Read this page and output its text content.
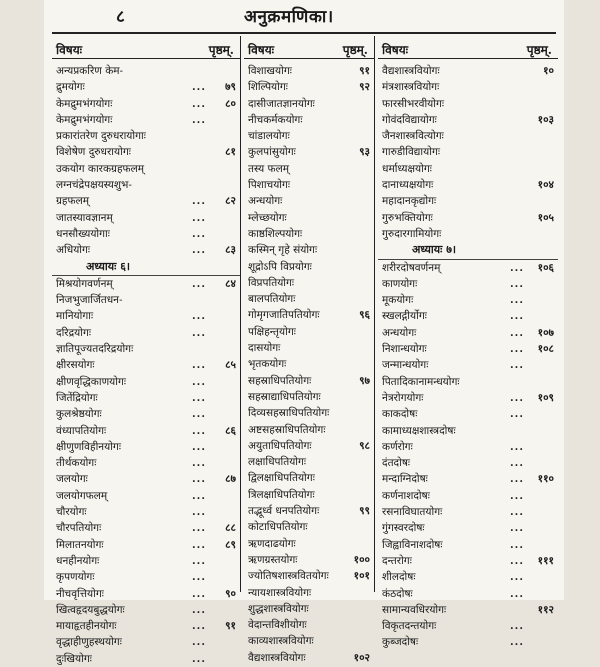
८	अनुक्रमणिका।
विषयः	पृष्ठम्.
अन्यप्रकरिण केम-
द्रुमयोगः	... ७९
केमद्रुमभंगयोगः	... ८०
केमद्रुमभंगयोगः	...
प्रकारांतरेण दुरुधरायोगाः
विशेषेण दुरुधरायोगः	८१
उकयोग कारकग्रहफलम्
लग्नचंद्रेपक्षयस्यशुभ-
ग्रहफलम्	... ८२
जातस्यावज्ञानम्	...
धनसौख्ययोगाः	...
अधियोगः	... ८३
अध्यायः ६।
मिश्रयोगवर्णनम्	... ८४
निजभुजार्जितधन-
मानियोगाः	...
दरिद्रयोगः	...
ज्ञातिपूज्यतदरिद्रयोगः
क्षीरसयोगः	... ८५
क्षीणवृद्धिकाणयोगः	...
जितेंद्रियोगः	...
कुलश्रेष्ठयोगः	...
वंध्यापतियोगः	... ८६
क्षीणुणविहीनयोगः	...
तीर्थकयोगः	...
जलयोगः	... ८७
जलयोगफलम्	...
चौरयोगः	...
चौरपतियोगः	... ८८
मिलातनयोगः	... ८९
धनहीनयोगः	...
कृपणयोगः	...
नीचवृत्तियोगः	... ९०
खित्वहृदयबुद्धयोगः	...
मायाहृतहीनयोगः	... ९१
वृद्धाहीणुहस्थयोगः	...
दुःखियोगः	...
विषयः	पृष्ठम्.
विशाखयोगः	९१
शिल्पियोगः	९२
दासीजातज्ञानयोगः
नीचकर्मकयोगः
चांडालयोगः
कुलपांसुयोगः	९३
तस्य फलम्
पिशाचयोगः
अन्धयोगः
म्लेच्छयोगः
काष्ठशिल्पयोगः
कस्मिन् गृहे संयोगः
शूद्रोऽपि विप्रयोगः
विप्रपतियोगः
बालपतियोगः
गोमृगजातिपतियोगः	९६
पक्षिहन्तृयोगः
दासयोगः
भृतकयोगः
सहस्राधिपतियोगः	९७
सहस्राद्याधिपतियोगः
दिव्यसहस्राधिपतियोगः
अष्टसहस्राधिपतियोगः
अयुताधिपतियोगः	९८
लक्षाधिपतियोगः
द्विलक्षाधिपतियोगः
त्रिलक्षाधिपतियोगः
तद्भूर्ध्व धनपतियोगः	९९
कोटाधिपतियोगः
ऋणदाढयोगः
ऋणग्रस्तयोगः	१००
ज्योतिषशास्त्रवितयोगः १०१
न्यायशास्त्रवियोगः
शुद्धशास्त्रवियोगः
वेदान्तविशीयोगः
काव्यशास्त्रवियोगः
वैद्यशास्त्रवियोगः	१०२
विषयः	पृष्ठम्.
वैद्यशास्त्रवियोगः	१०
मंत्रशास्त्रवियोगः
फारसीभरवीयोगः
गोवंदविद्यायोगः	१०३
जैनशास्त्रवित्योगः
गारुडीविद्यायोगः
धर्माध्यक्षयोगः
दानाध्यक्षयोगः	१०४
महादानकृद्योगः
गुरुभक्तियोगः	१०५
गुरुदारगामियोगः
अध्यायः ७।
शरीरदोषवर्णनम्	... १०६
काणयोगः	...
मूकयोगः	...
स्खलद्गीर्योगः	...
अन्धयोगः	... १०७
निशान्धयोगः	... १०८
जन्मान्धयोगः	...
पितादिकानामन्धयोगः
नेत्ररोगयोगः	... १०९
काकदोषः	...
कामाध्यक्षशास्त्रदोषः
कर्णरोगः	...
दंतदोषः	...
मन्दाग्निदोषः	... ११०
कर्णनाशदोषः	...
रसनाविघातयोगः	...
गुंगस्वरदोषः	...
जिह्वाविनाशदोषः	...
दन्तरोगः	... १११
शीलदोषः	...
कंठदोषः	...
सामान्यवधिरयोगः	११२
विकृतदन्तयोगः	...
कुब्जदोषः	...
